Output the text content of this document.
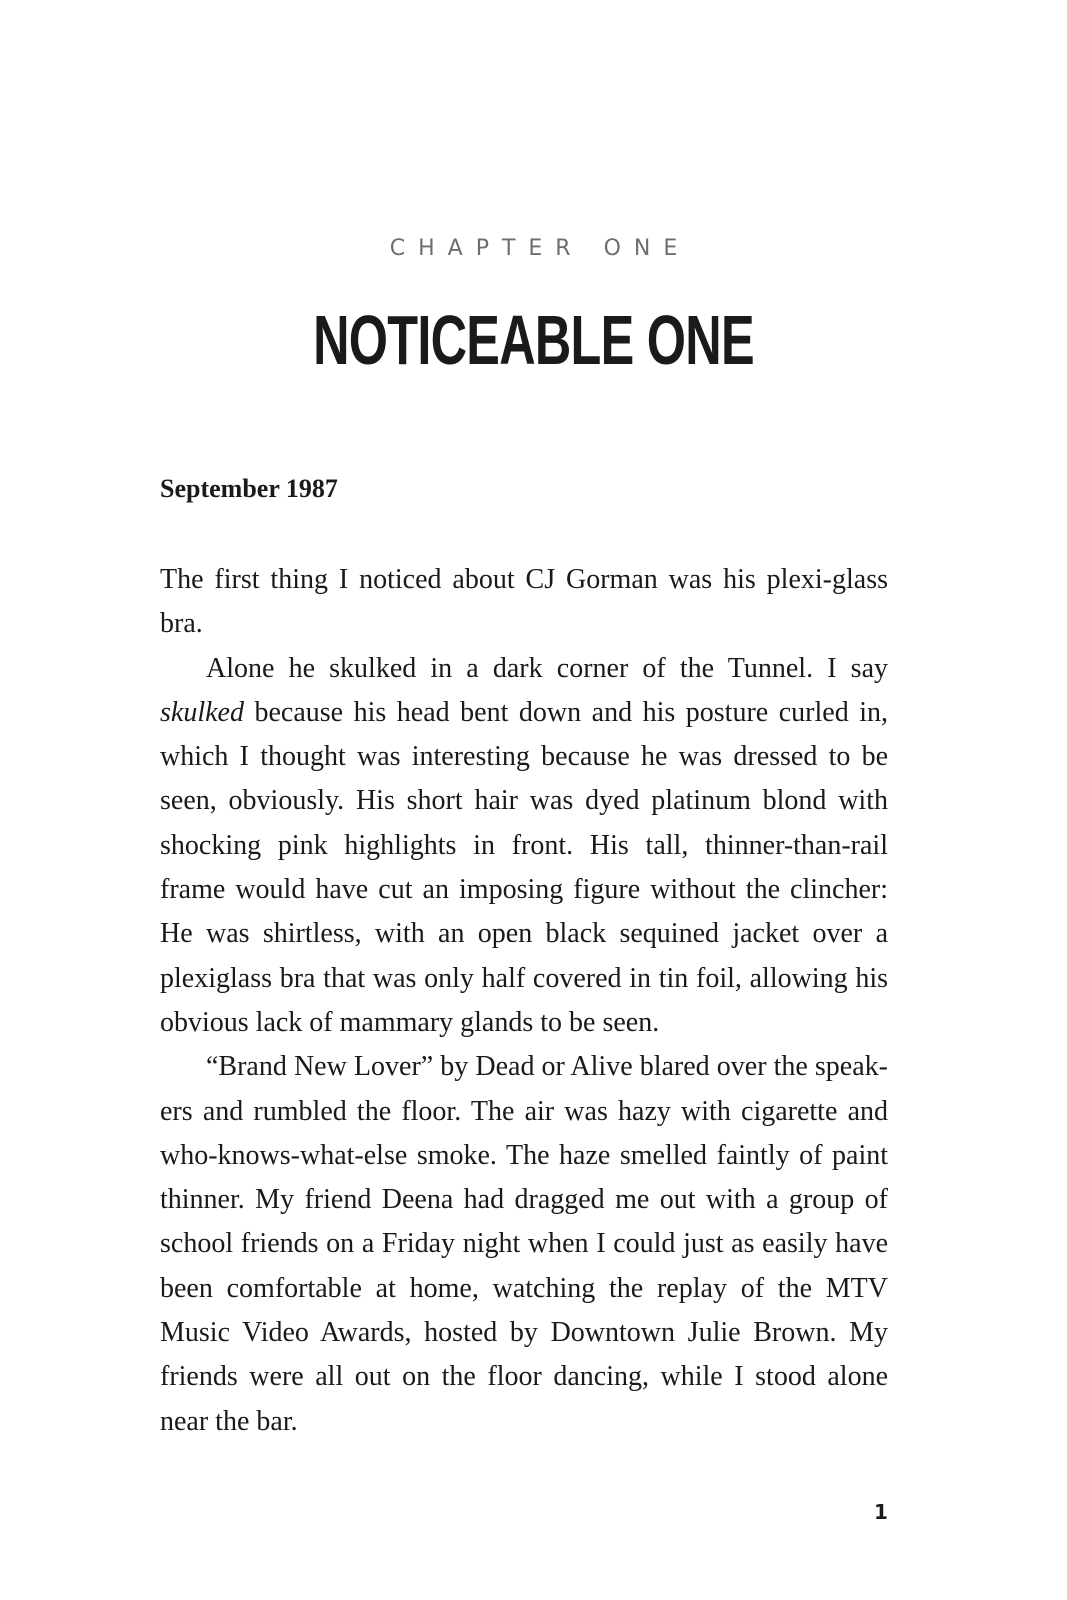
CHAPTER ONE
NOTICEABLE ONE
September 1987

The first thing I noticed about CJ Gorman was his plexi-glass bra.

Alone he skulked in a dark corner of the Tunnel. I say skulked because his head bent down and his posture curled in, which I thought was interesting because he was dressed to be seen, obviously. His short hair was dyed platinum blond with shocking pink highlights in front. His tall, thinner-than-rail frame would have cut an imposing figure without the clincher: He was shirtless, with an open black sequined jacket over a plexiglass bra that was only half covered in tin foil, allowing his obvious lack of mammary glands to be seen.

“Brand New Lover” by Dead or Alive blared over the speak-ers and rumbled the floor. The air was hazy with cigarette and who-knows-what-else smoke. The haze smelled faintly of paint thinner. My friend Deena had dragged me out with a group of school friends on a Friday night when I could just as easily have been comfortable at home, watching the replay of the MTV Music Video Awards, hosted by Downtown Julie Brown. My friends were all out on the floor dancing, while I stood alone near the bar.

1
